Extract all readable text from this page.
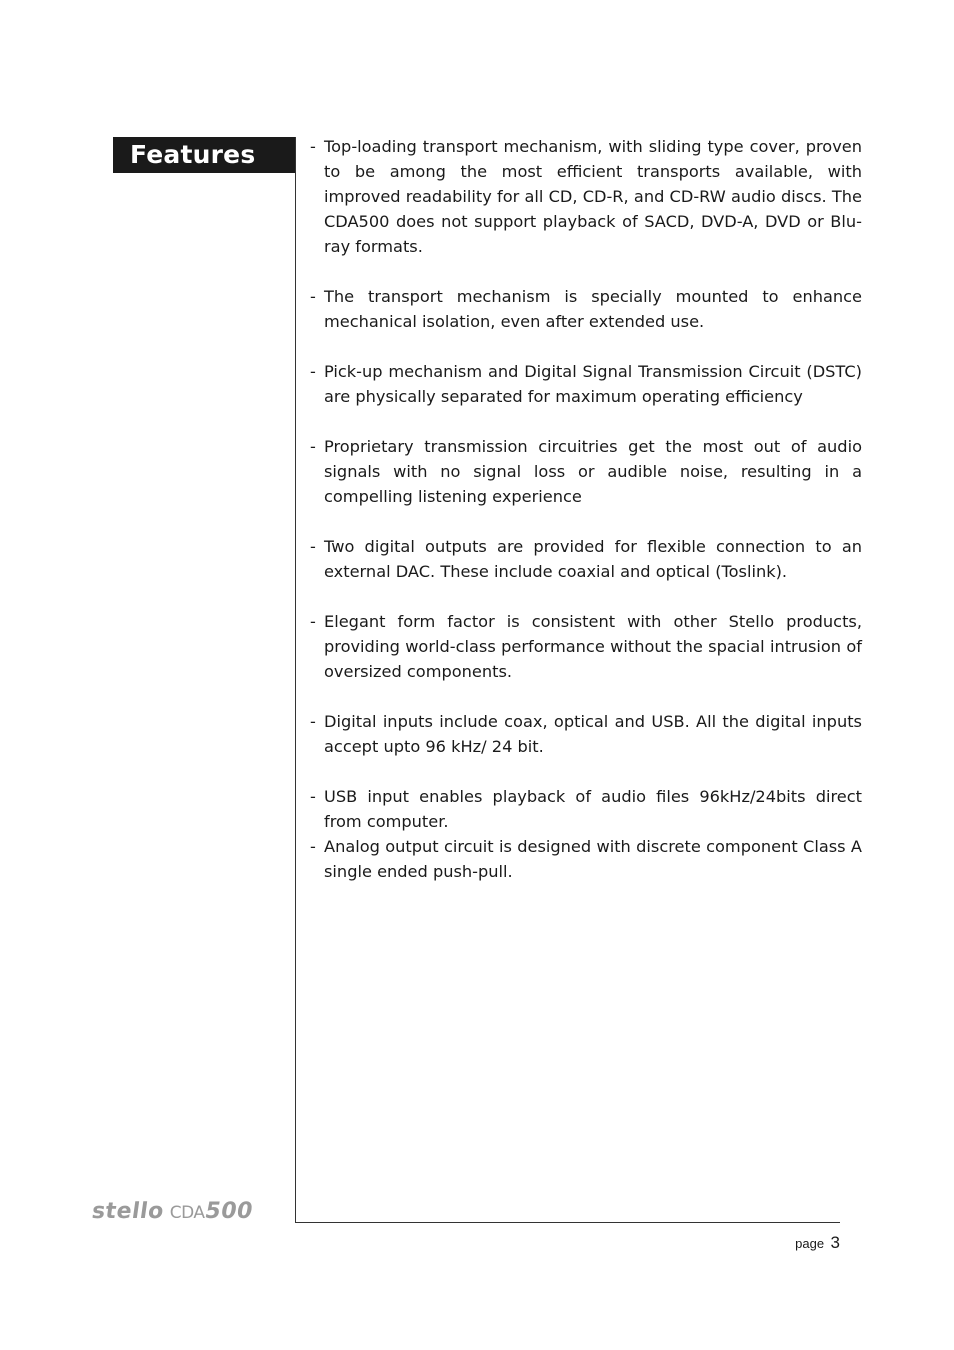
Features	- Top-loading transport mechanism, with sliding type cover, proven to be among the most efficient transports available, with improved readability for all CD, CD-R, and CD-RW audio discs. The CDA500 does not support playback of SACD, DVD-A, DVD or Blu-ray formats.
- The transport mechanism is specially mounted to enhance mechanical isolation, even after extended use.
- Pick-up mechanism and Digital Signal Transmission Circuit (DSTC) are physically separated for maximum operating efficiency
- Proprietary transmission circuitries get the most out of audio signals with no signal loss or audible noise, resulting in a compelling listening experience
- Two digital outputs are provided for flexible connection to an external DAC. These include coaxial and optical (Toslink).
- Elegant form factor is consistent with other Stello products, providing world-class performance without the spacial intrusion of oversized components.
- Digital inputs include coax, optical and USB. All the digital inputs accept upto 96 kHz/ 24 bit.
- USB input enables playback of audio files 96kHz/24bits direct from computer.
- Analog output circuit is designed with discrete component Class A single ended push-pull.
stello CDA 500
page 3
